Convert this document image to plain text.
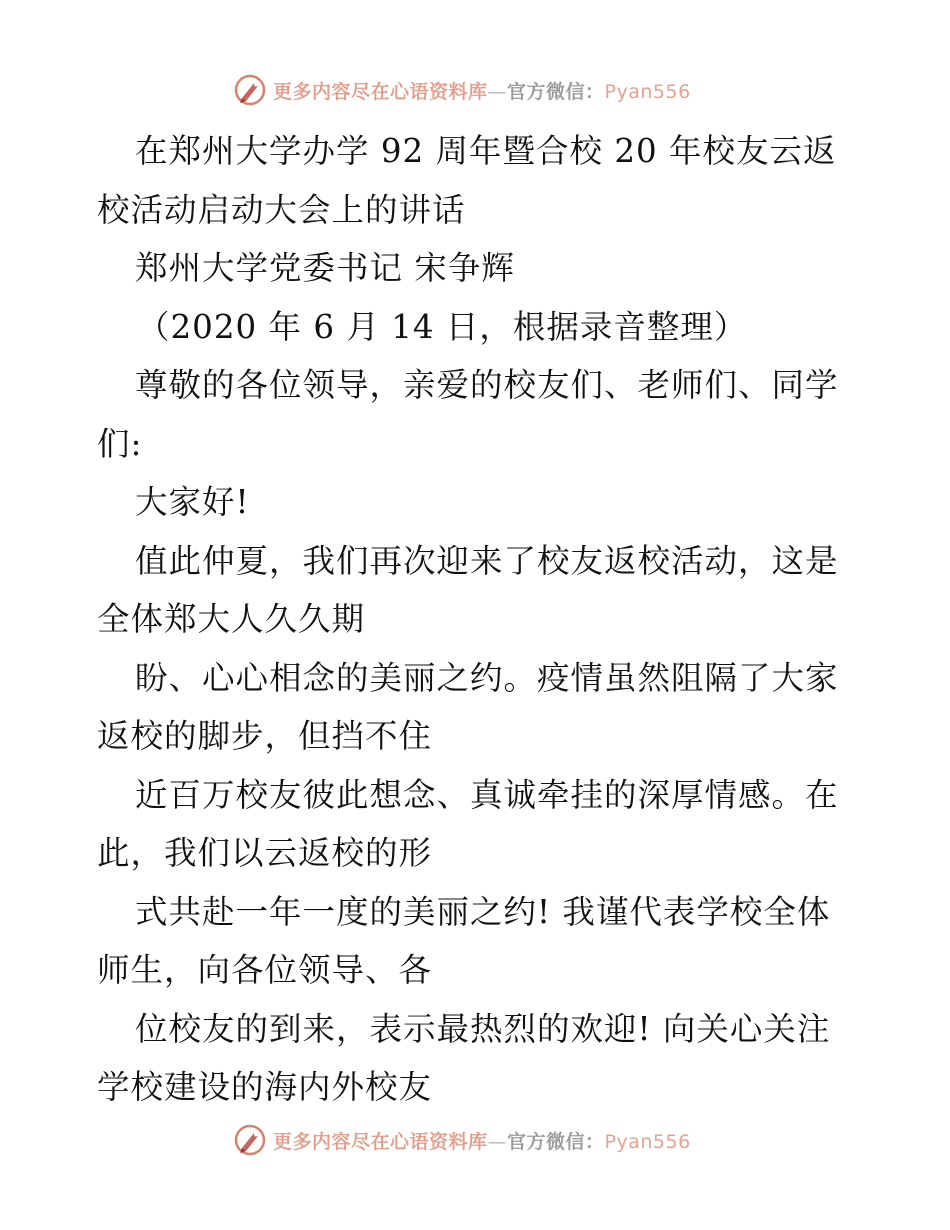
更多内容尽在心语资料库—官方微信：Pyan556

在郑州大学办学 92 周年暨合校 20 年校友云返校活动启动大会上的讲话

郑州大学党委书记 宋争辉

（2020 年 6 月 14 日，根据录音整理）

尊敬的各位领导，亲爱的校友们、老师们、同学们:

大家好!

值此仲夏，我们再次迎来了校友返校活动，这是全体郑大人久久期

盼、心心相念的美丽之约。疫情虽然阻隔了大家返校的脚步，但挡不住

近百万校友彼此想念、真诚牵挂的深厚情感。在此，我们以云返校的形

式共赴一年一度的美丽之约! 我谨代表学校全体师生，向各位领导、各

位校友的到来，表示最热烈的欢迎! 向关心关注学校建设的海内外校友

更多内容尽在心语资料库—官方微信：Pyan556
